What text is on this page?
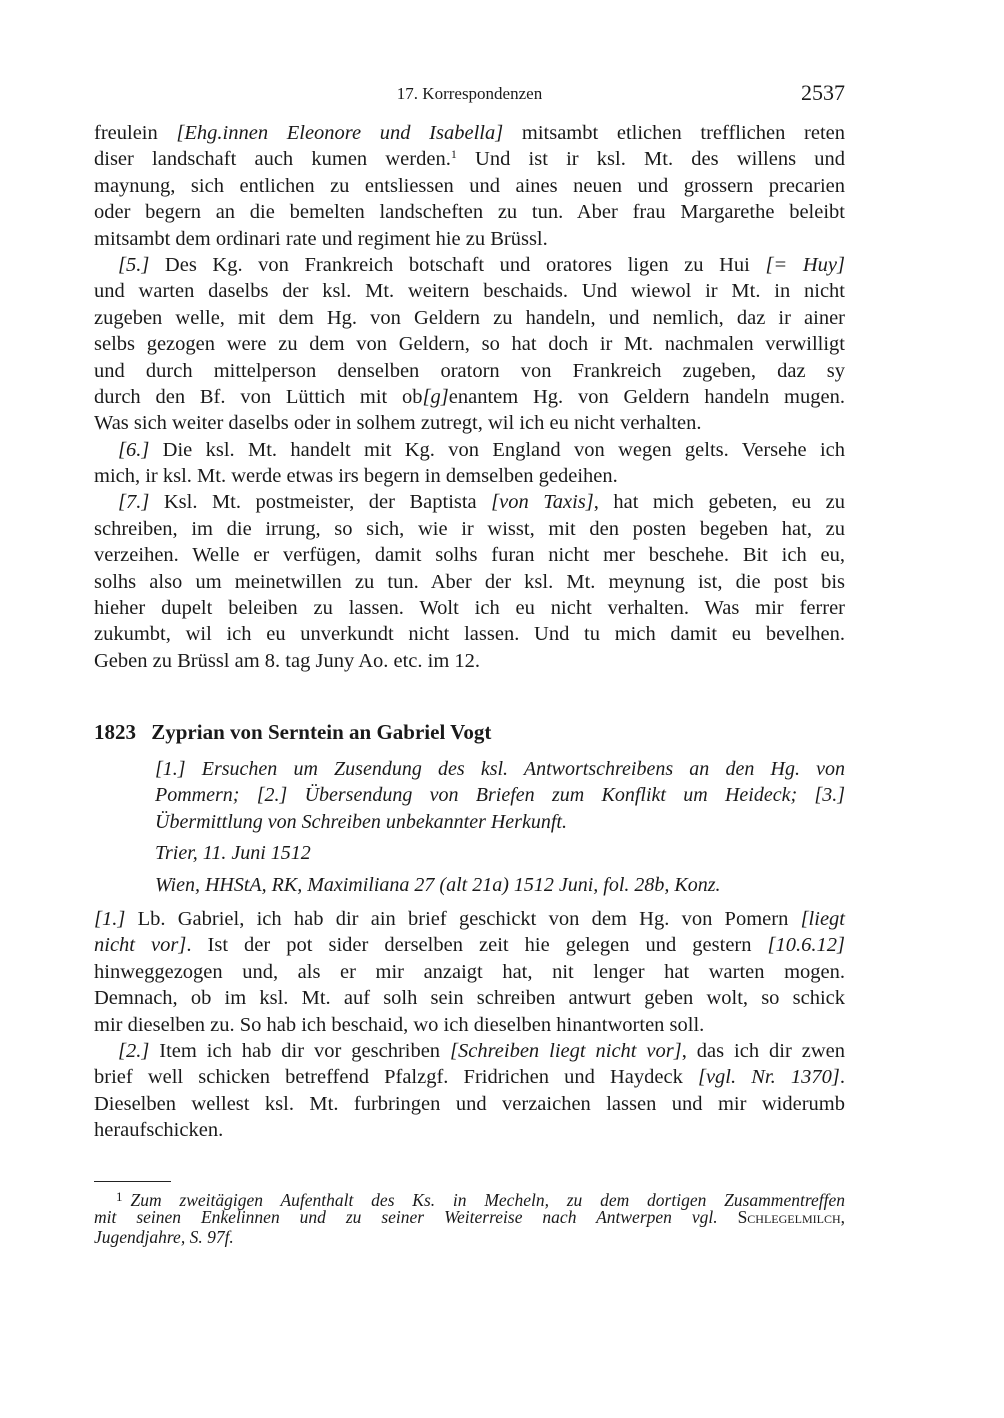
17. Korrespondenzen	2537
freulein [Ehg.innen Eleonore und Isabella] mitsambt etlichen trefflichen reten
diser landschaft auch kumen werden.$^1$ Und ist ir ksl. Mt. des willens und
maynung, sich entlichen zu entsliessen und aines neuen und grossern precarien
oder begern an die bemelten landscheften zu tun. Aber frau Margarethe beleibt
mitsambt dem ordinari rate und regiment hie zu Brüssl.
[5.] Des Kg. von Frankreich botschaft und oratores ligen zu Hui [= Huy]
und warten daselbs der ksl. Mt. weitern beschaids. Und wiewol ir Mt. in nicht
zugeben welle, mit dem Hg. von Geldern zu handeln, und nemlich, daz ir ainer
selbs gezogen were zu dem von Geldern, so hat doch ir Mt. nachmalen verwilligt
und durch mittelperson denselben oratorn von Frankreich zugeben, daz sy
durch den Bf. von Lüttich mit ob[g]enantem Hg. von Geldern handeln mugen.
Was sich weiter daselbs oder in solhem zutregt, wil ich eu nicht verhalten.
[6.] Die ksl. Mt. handelt mit Kg. von England von wegen gelts. Versehe ich
mich, ir ksl. Mt. werde etwas irs begern in demselben gedeihen.
[7.] Ksl. Mt. postmeister, der Baptista [von Taxis], hat mich gebeten, eu zu
schreiben, im die irrung, so sich, wie ir wisst, mit den posten begeben hat, zu
verzeihen. Welle er verfügen, damit solhs furan nicht mer beschehe. Bit ich eu,
solhs also um meinetwillen zu tun. Aber der ksl. Mt. meynung ist, die post bis
hieher dupelt beleiben zu lassen. Wolt ich eu nicht verhalten. Was mir ferrer
zukumbt, wil ich eu unverkundt nicht lassen. Und tu mich damit eu bevelhen.
Geben zu Brüssl am 8. tag Juny Ao. etc. im 12.
1823 Zyprian von Serntein an Gabriel Vogt
[1.] Ersuchen um Zusendung des ksl. Antwortschreibens an den Hg. von
Pommern; [2.] Übersendung von Briefen zum Konflikt um Heideck; [3.]
Übermittlung von Schreiben unbekannter Herkunft.
Trier, 11. Juni 1512
Wien, HHStA, RK, Maximiliana 27 (alt 21a) 1512 Juni, fol. 28b, Konz.
[1.] Lb. Gabriel, ich hab dir ain brief geschickt von dem Hg. von Pomern [liegt
nicht vor]. Ist der pot sider derselben zeit hie gelegen und gestern [10.6.12]
hinweggezogen und, als er mir anzaigt hat, nit lenger hat warten mogen.
Demnach, ob im ksl. Mt. auf solh sein schreiben antwurt geben wolt, so schick
mir dieselben zu. So hab ich beschaid, wo ich dieselben hinantworten soll.
[2.] Item ich hab dir vor geschriben [Schreiben liegt nicht vor], das ich dir zwen
brief well schicken betreffend Pfalzgf. Fridrichen und Haydeck [vgl. Nr. 1370].
Dieselben wellest ksl. Mt. furbringen und verzaichen lassen und mir widerumb
heraufschicken.
$^1$ Zum zweitägigen Aufenthalt des Ks. in Mecheln, zu dem dortigen Zusammentreffen
mit seinen Enkelinnen und zu seiner Weiterreise nach Antwerpen vgl. Schlegelmilch,
Jugendjahre, S. 97f.
